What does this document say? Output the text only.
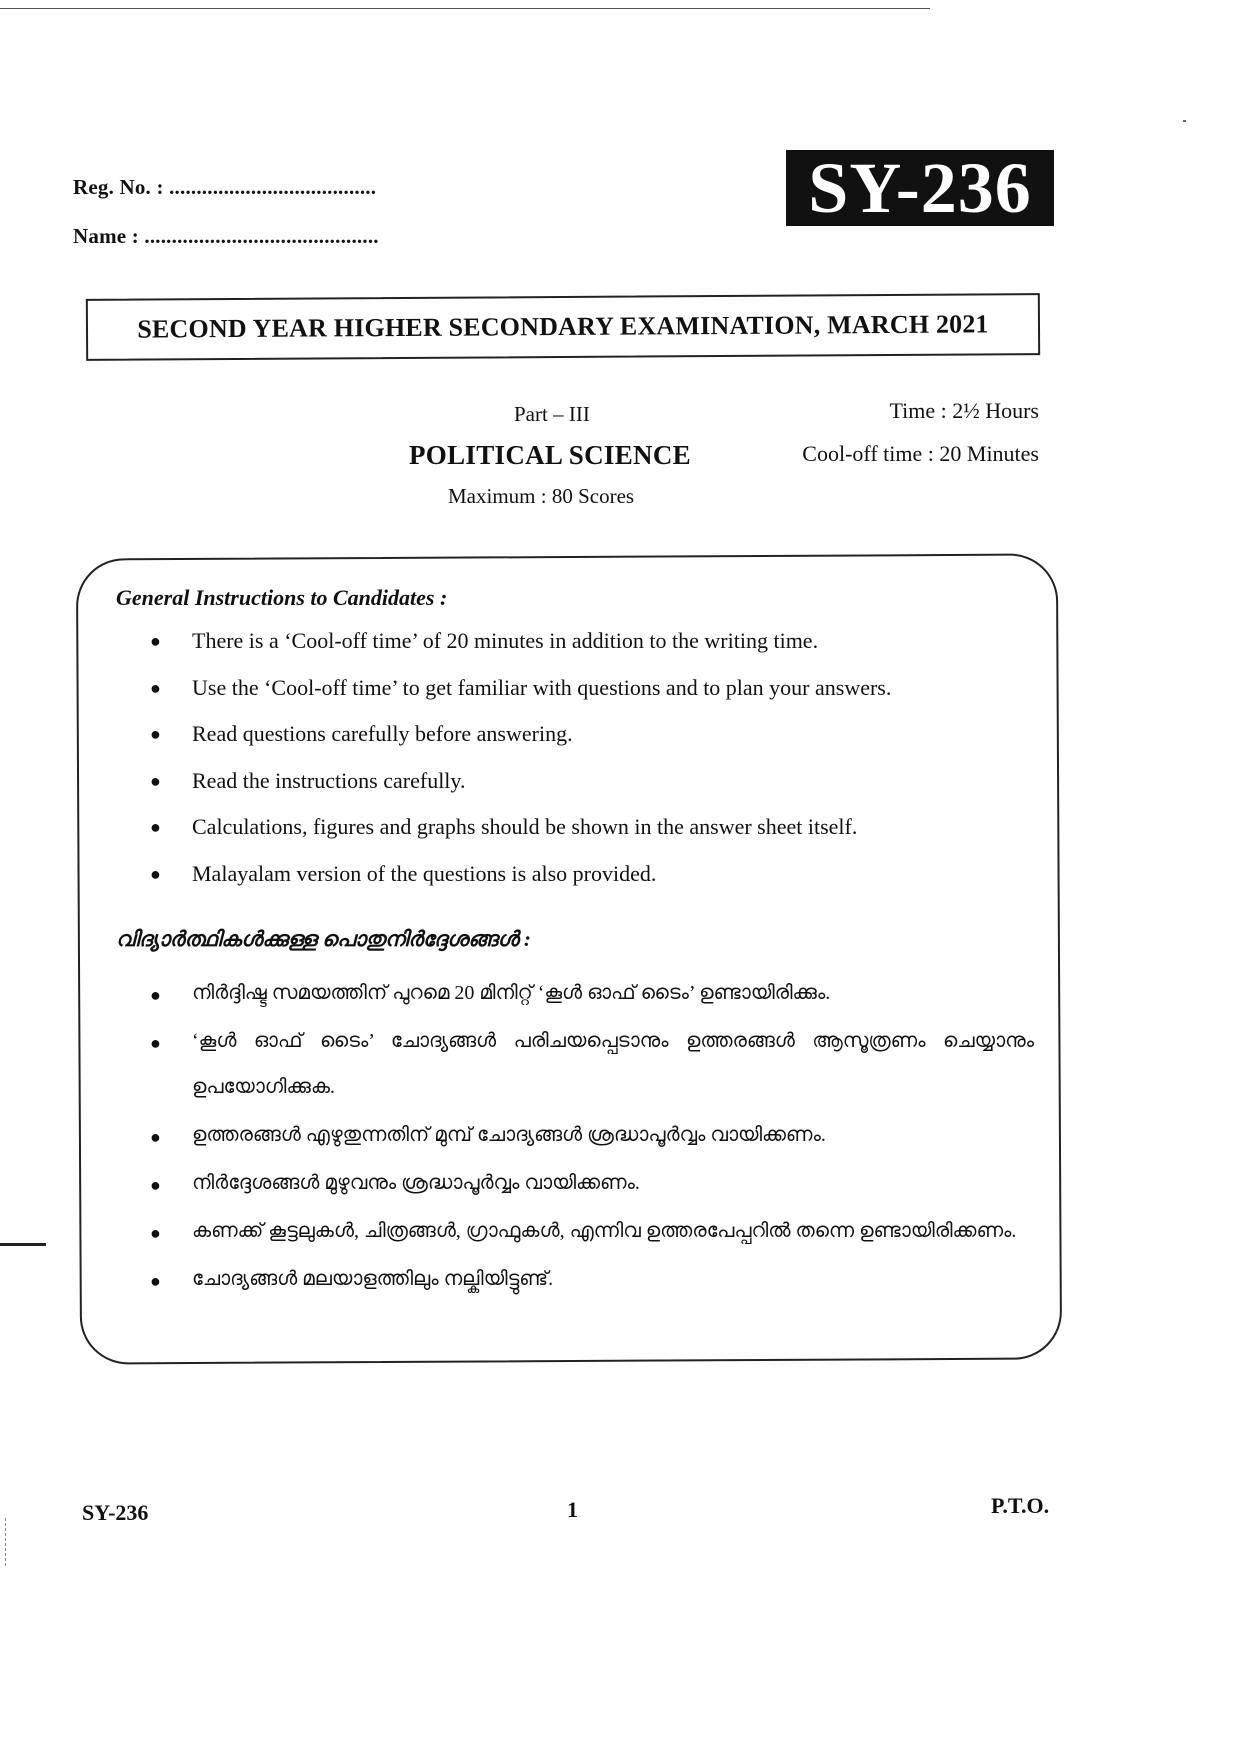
Reg. No. : ......................................
Name : ...........................................
SY-236
SECOND YEAR HIGHER SECONDARY EXAMINATION, MARCH 2021
Part – III
POLITICAL SCIENCE
Maximum : 80 Scores
Time : 2½ Hours
Cool-off time : 20 Minutes
General Instructions to Candidates :
● There is a ‘Cool-off time’ of 20 minutes in addition to the writing time.
● Use the ‘Cool-off time’ to get familiar with questions and to plan your answers.
● Read questions carefully before answering.
● Read the instructions carefully.
● Calculations, figures and graphs should be shown in the answer sheet itself.
● Malayalam version of the questions is also provided.
വിദ്യാർത്ഥികൾക്കുള്ള പൊതുനിർദ്ദേശങ്ങൾ :
● നിർദ്ദിഷ്ട സമയത്തിന് പുറമെ 20 മിനിറ്റ് ‘കൂൾ ഓഫ് ടൈം’ ഉണ്ടായിരിക്കും.
● ‘കൂൾ ഓഫ് ടൈം’ ചോദ്യങ്ങൾ പരിചയപ്പെടാനും ഉത്തരങ്ങൾ ആസൂത്രണം ചെയ്യാനും ഉപയോഗിക്കുക.
● ഉത്തരങ്ങൾ എഴുതുന്നതിന് മുമ്പ് ചോദ്യങ്ങൾ ശ്രദ്ധാപൂർവ്വം വായിക്കണം.
● നിർദ്ദേശങ്ങൾ മുഴുവനും ശ്രദ്ധാപൂർവ്വം വായിക്കണം.
● കണക്ക് കൂട്ടലുകൾ, ചിത്രങ്ങൾ, ഗ്രാഫുകൾ, എന്നിവ ഉത്തരപേപ്പറിൽ തന്നെ ഉണ്ടായിരിക്കണം.
● ചോദ്യങ്ങൾ മലയാളത്തിലും നല്കിയിട്ടുണ്ട്.
SY-236	1	P.T.O.
